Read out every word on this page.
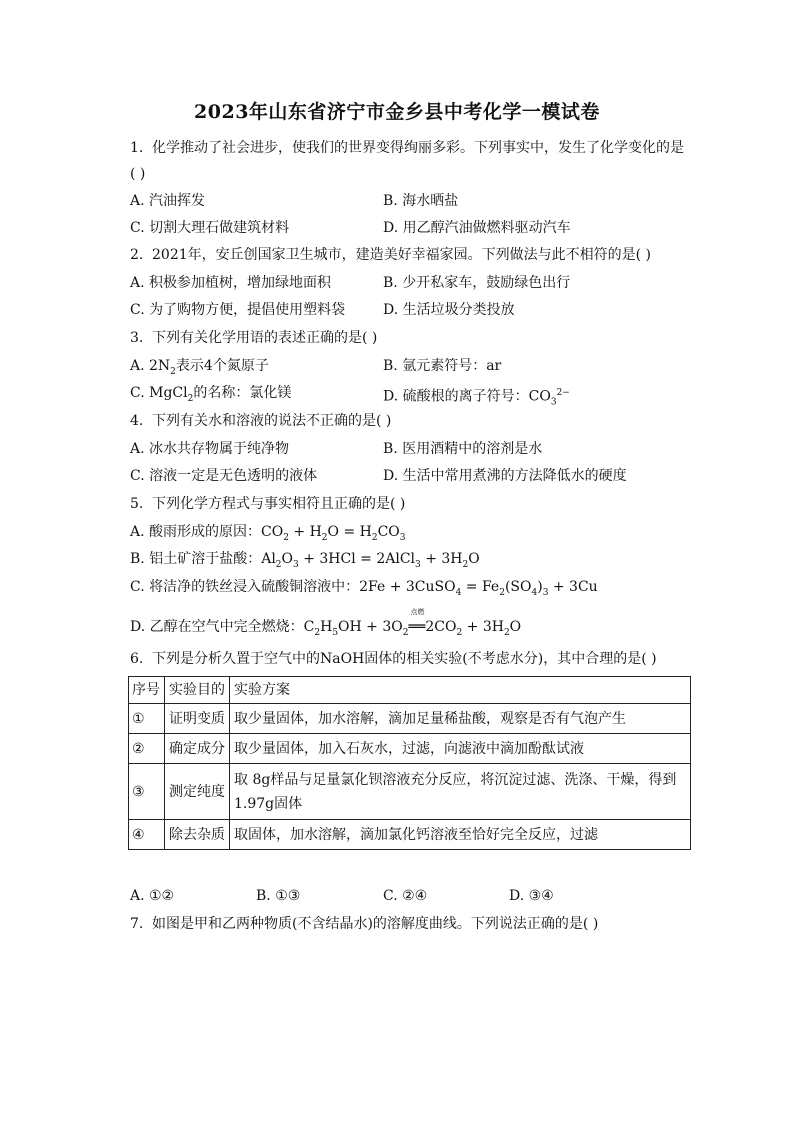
2023年山东省济宁市金乡县中考化学一模试卷
1. 化学推动了社会进步，使我们的世界变得绚丽多彩。下列事实中，发生了化学变化的是
( )
A. 汽油挥发	B. 海水晒盐
C. 切割大理石做建筑材料	D. 用乙醇汽油做燃料驱动汽车
2. 2021年，安丘创国家卫生城市，建造美好幸福家园。下列做法与此不相符的是( )
A. 积极参加植树，增加绿地面积	B. 少开私家车，鼓励绿色出行
C. 为了购物方便，提倡使用塑料袋	D. 生活垃圾分类投放
3. 下列有关化学用语的表述正确的是( )
A. $2N_2$表示4个氮原子	B. 氩元素符号：ar
C. MgCl$_2$的名称：氯化镁	D. 硫酸根的离子符号：$CO_3^{2-}$
4. 下列有关水和溶液的说法不正确的是( )
A. 冰水共存物属于纯净物	B. 医用酒精中的溶剂是水
C. 溶液一定是无色透明的液体	D. 生活中常用煮沸的方法降低水的硬度
5. 下列化学方程式与事实相符且正确的是( )
A. 酸雨形成的原因：$CO_2 + H_2O = H_2CO_3$
B. 铝土矿溶于盐酸：$Al_2O_3 + 3HCl$ = 2AlCl$_3$ + $3H_2O$
C. 将洁净的铁丝浸入硫酸铜溶液中：2Fe + 3CuSO$_4$ = $Fe_2(SO_4)_3 + 3Cu$
D. 乙醇在空气中完全燃烧：$C_2H_5OH + 3O_2$
点燃
$══2CO_2 + 3H_2O$
6. 下列是分析久置于空气中的NaOH固体的相关实验(不考虑水分)，其中合理的是( )
序号	实验目的	实验方案
①	证明变质	取少量固体，加水溶解，滴加足量稀盐酸，观察是否有气泡产生
②	确定成分	取少量固体，加入石灰水，过滤，向滤液中滴加酚酞试液
③	测定纯度	取 8g样品与足量氯化钡溶液充分反应，将沉淀过滤、洗涤、干燥，得到1.97g固体
④	除去杂质	取固体，加水溶解，滴加氯化钙溶液至恰好完全反应，过滤
A. ①②	B. ①③	C. ②④	D. ③④
7. 如图是甲和乙两种物质(不含结晶水)的溶解度曲线。下列说法正确的是( )
